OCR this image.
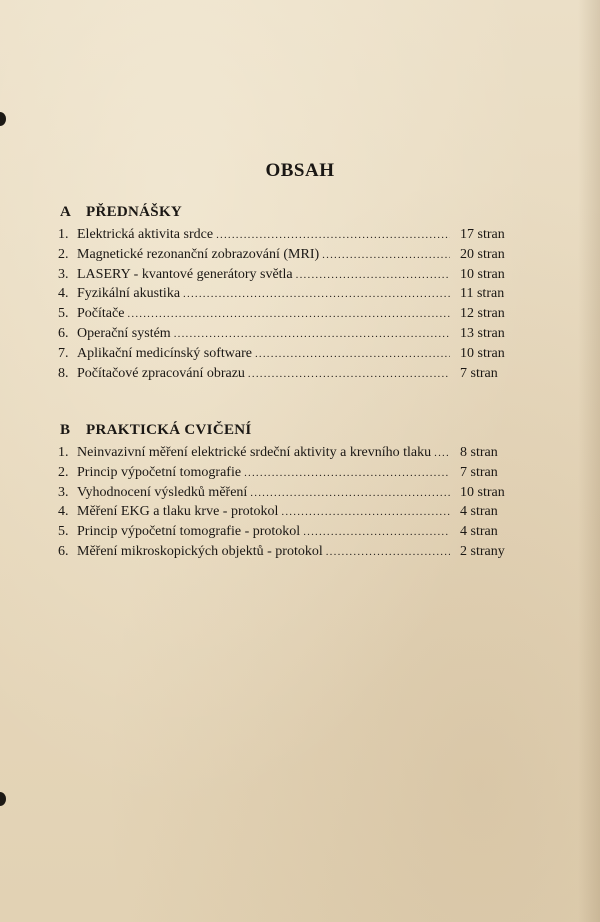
OBSAH
A PŘEDNÁŠKY
1. Elektrická aktivita srdce .....	17 stran
2. Magnetické rezonanční zobrazování (MRI) .....	20 stran
3. LASERY - kvantové generátory světla .....	10 stran
4. Fyzikální akustika .....	11 stran
5. Počítače .....	12 stran
6. Operační systém .....	13 stran
7. Aplikační medicínský software .....	10 stran
8. Počítačové zpracování obrazu .....	7 stran
B PRAKTICKÁ CVIČENÍ
1. Neinvazivní měření elektrické srdeční aktivity a krevního tlaku .....	8 stran
2. Princip výpočetní tomografie .....	7 stran
3. Vyhodnocení výsledků měření .....	10 stran
4. Měření EKG a tlaku krve - protokol .....	4 stran
5. Princip výpočetní tomografie - protokol .....	4 stran
6. Měření mikroskopických objektů - protokol .....	2 strany
